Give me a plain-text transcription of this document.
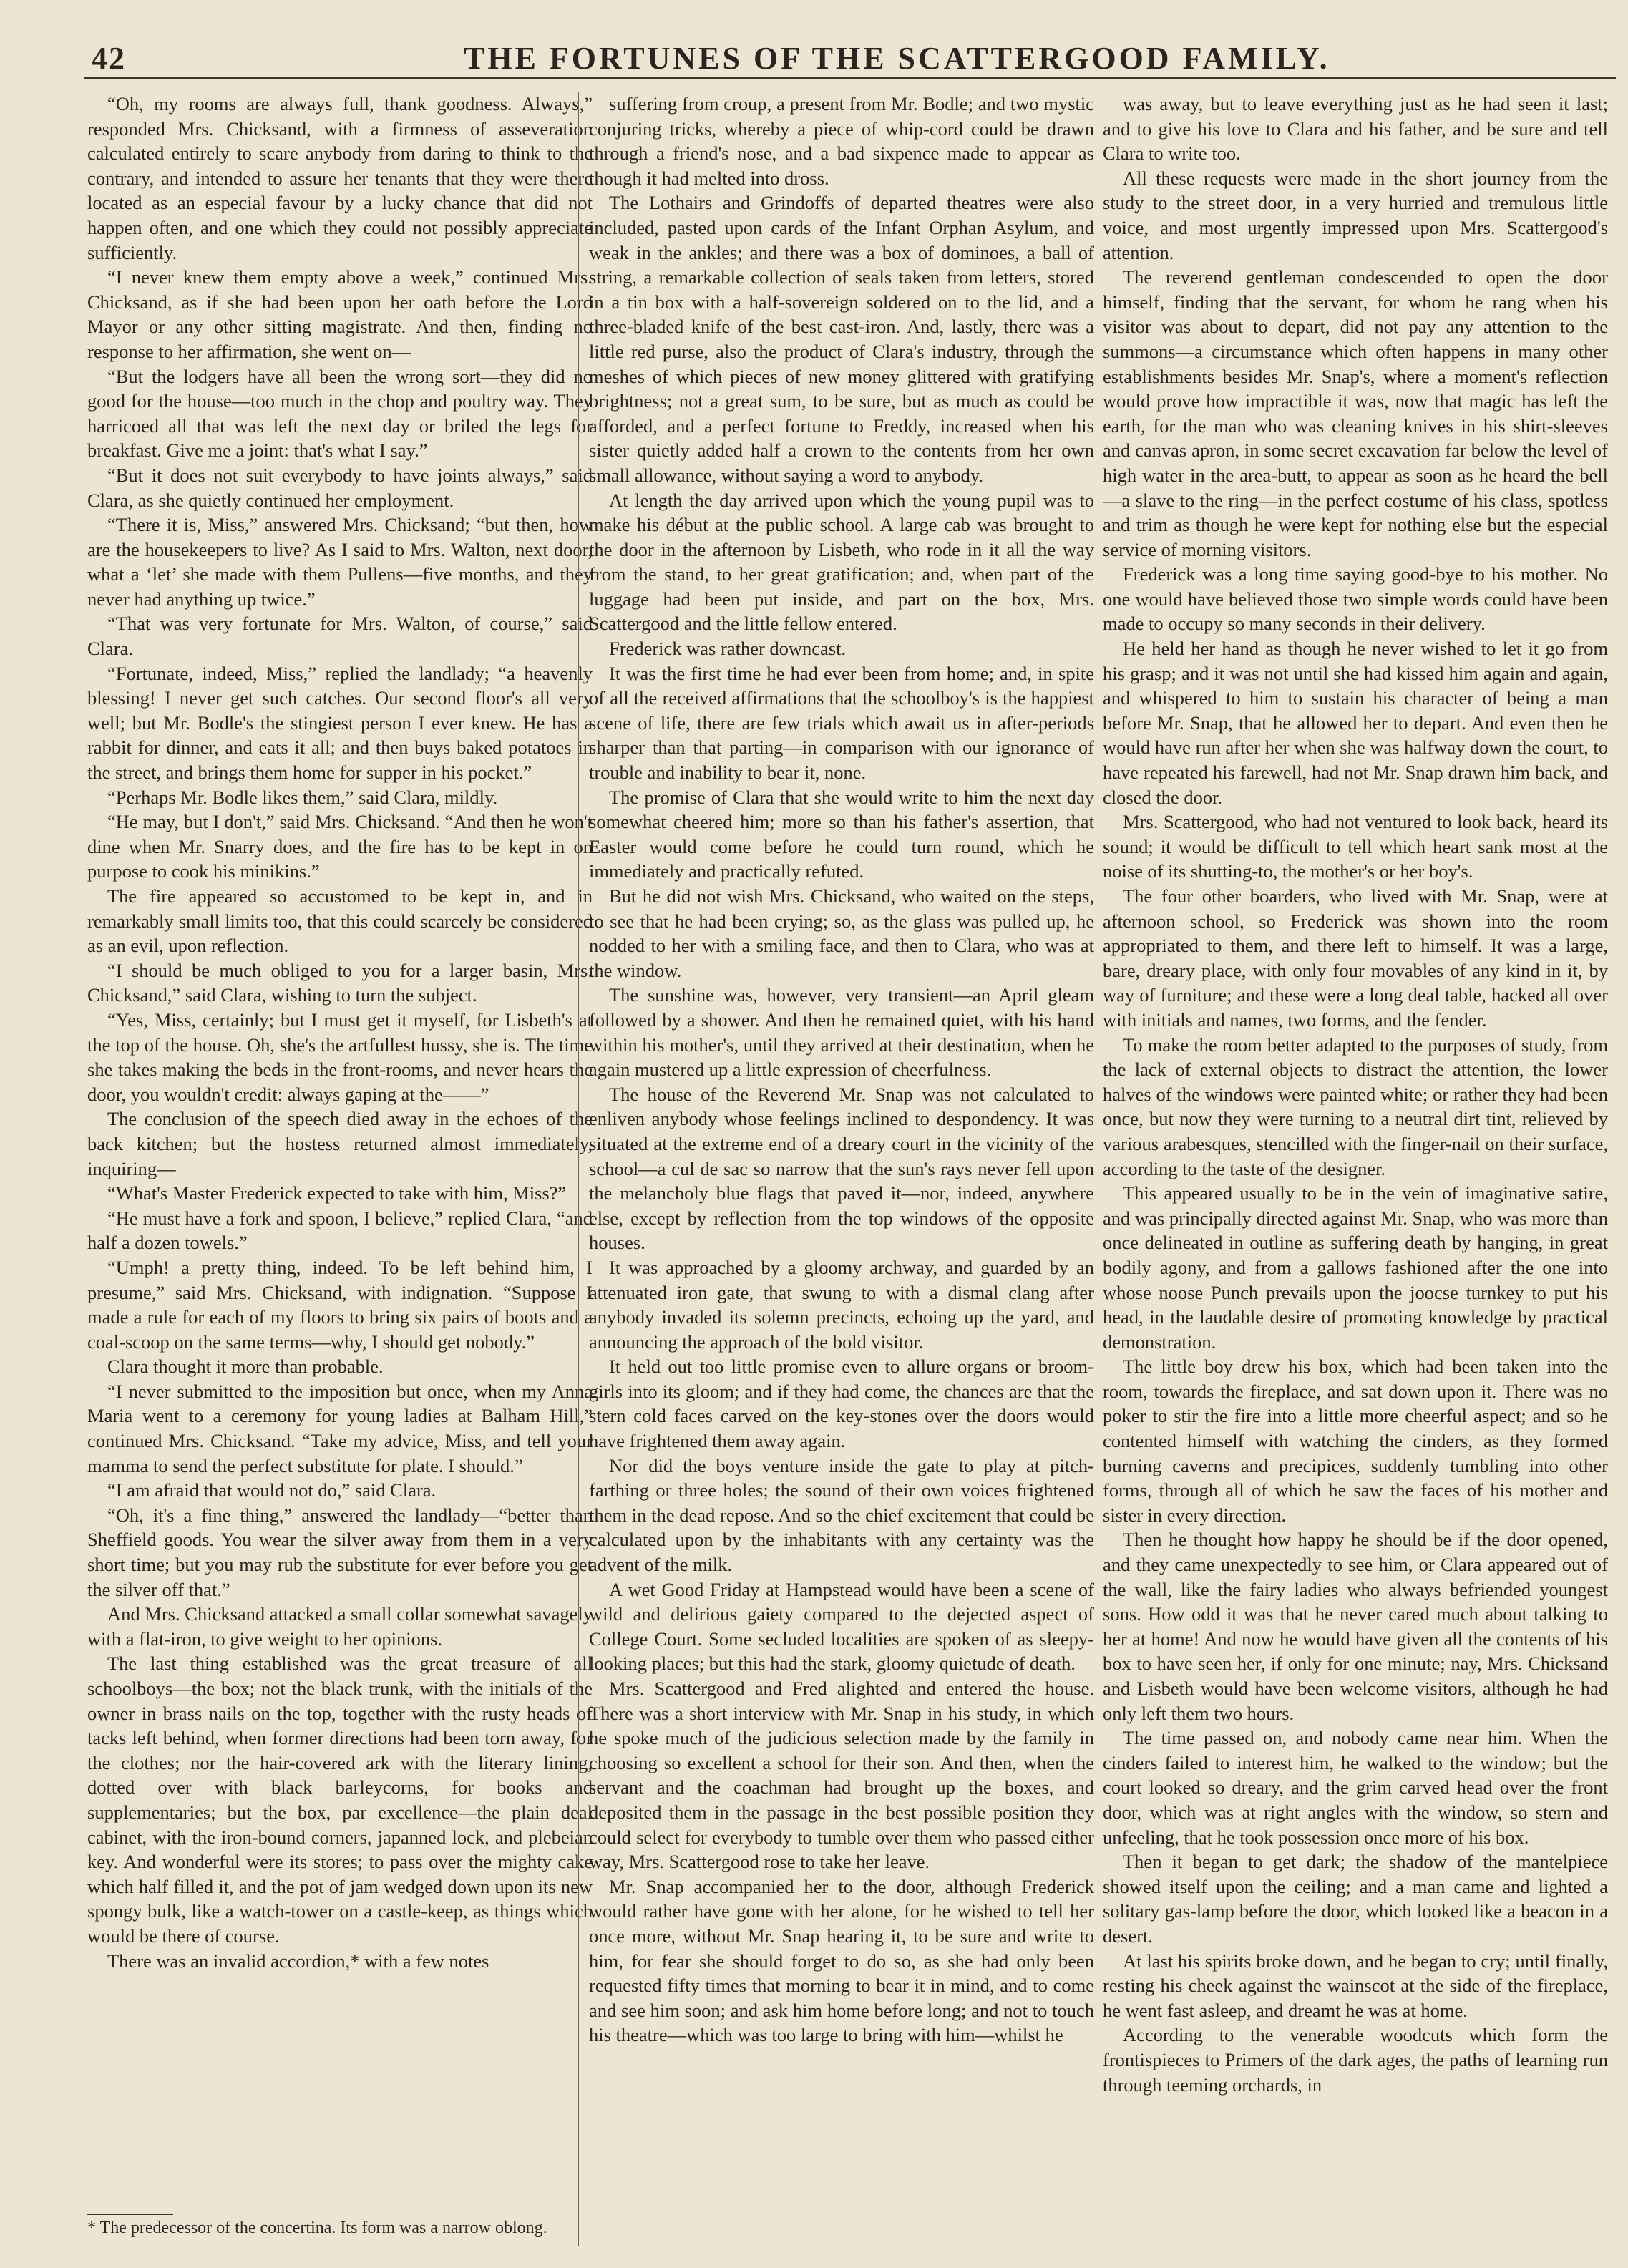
42	THE FORTUNES OF THE SCATTERGOOD FAMILY.

“Oh, my rooms are always full, thank goodness. Always,” responded Mrs. Chicksand, with a firmness of asseveration calculated entirely to scare anybody from daring to think to the contrary, and intended to assure her tenants that they were there located as an especial favour by a lucky chance that did not happen often, and one which they could not possibly appreciate sufficiently.

“I never knew them empty above a week,” continued Mrs. Chicksand, as if she had been upon her oath before the Lord Mayor or any other sitting magistrate. And then, finding no response to her affirmation, she went on—

“But the lodgers have all been the wrong sort—they did no good for the house—too much in the chop and poultry way. They harricoed all that was left the next day or briled the legs for breakfast. Give me a joint: that's what I say.”

“But it does not suit everybody to have joints always,” said Clara, as she quietly continued her employment.

“There it is, Miss,” answered Mrs. Chicksand; “but then, how are the housekeepers to live? As I said to Mrs. Walton, next door, what a ‘let’ she made with them Pullens—five months, and they never had anything up twice.”

“That was very fortunate for Mrs. Walton, of course,” said Clara.

“Fortunate, indeed, Miss,” replied the landlady; “a heavenly blessing! I never get such catches. Our second floor's all very well; but Mr. Bodle's the stingiest person I ever knew. He has a rabbit for dinner, and eats it all; and then buys baked potatoes in the street, and brings them home for supper in his pocket.”

“Perhaps Mr. Bodle likes them,” said Clara, mildly.

“He may, but I don't,” said Mrs. Chicksand. “And then he won't dine when Mr. Snarry does, and the fire has to be kept in on purpose to cook his minikins.”

The fire appeared so accustomed to be kept in, and in remarkably small limits too, that this could scarcely be considered as an evil, upon reflection.

“I should be much obliged to you for a larger basin, Mrs. Chicksand,” said Clara, wishing to turn the subject.

“Yes, Miss, certainly; but I must get it myself, for Lisbeth's at the top of the house. Oh, she's the artfullest hussy, she is. The time she takes making the beds in the front-rooms, and never hears the door, you wouldn't credit: always gaping at the——”

The conclusion of the speech died away in the echoes of the back kitchen; but the hostess returned almost immediately, inquiring—

“What's Master Frederick expected to take with him, Miss?”

“He must have a fork and spoon, I believe,” replied Clara, “and half a dozen towels.”

“Umph! a pretty thing, indeed. To be left behind him, I presume,” said Mrs. Chicksand, with indignation. “Suppose I made a rule for each of my floors to bring six pairs of boots and a coal-scoop on the same terms—why, I should get nobody.”

Clara thought it more than probable.

“I never submitted to the imposition but once, when my Anna Maria went to a ceremony for young ladies at Balham Hill,” continued Mrs. Chicksand. “Take my advice, Miss, and tell your mamma to send the perfect substitute for plate. I should.”

“I am afraid that would not do,” said Clara.

“Oh, it's a fine thing,” answered the landlady—“better than Sheffield goods. You wear the silver away from them in a very short time; but you may rub the substitute for ever before you get the silver off that.”

And Mrs. Chicksand attacked a small collar somewhat savagely with a flat-iron, to give weight to her opinions.

The last thing established was the great treasure of all schoolboys—the box; not the black trunk, with the initials of the owner in brass nails on the top, together with the rusty heads of tacks left behind, when former directions had been torn away, for the clothes; nor the hair-covered ark with the literary lining, dotted over with black barleycorns, for books and supplementaries; but the box, par excellence—the plain deal cabinet, with the iron-bound corners, japanned lock, and plebeian key. And wonderful were its stores; to pass over the mighty cake which half filled it, and the pot of jam wedged down upon its new spongy bulk, like a watch-tower on a castle-keep, as things which would be there of course.

There was an invalid accordion,* with a few notes

suffering from croup, a present from Mr. Bodle; and two mystic conjuring tricks, whereby a piece of whip-cord could be drawn through a friend's nose, and a bad sixpence made to appear as though it had melted into dross.

The Lothairs and Grindoffs of departed theatres were also included, pasted upon cards of the Infant Orphan Asylum, and weak in the ankles; and there was a box of dominoes, a ball of string, a remarkable collection of seals taken from letters, stored in a tin box with a half-sovereign soldered on to the lid, and a three-bladed knife of the best cast-iron. And, lastly, there was a little red purse, also the product of Clara's industry, through the meshes of which pieces of new money glittered with gratifying brightness; not a great sum, to be sure, but as much as could be afforded, and a perfect fortune to Freddy, increased when his sister quietly added half a crown to the contents from her own small allowance, without saying a word to anybody.

At length the day arrived upon which the young pupil was to make his début at the public school. A large cab was brought to the door in the afternoon by Lisbeth, who rode in it all the way from the stand, to her great gratification; and, when part of the luggage had been put inside, and part on the box, Mrs. Scattergood and the little fellow entered.

Frederick was rather downcast.

It was the first time he had ever been from home; and, in spite of all the received affirmations that the schoolboy's is the happiest scene of life, there are few trials which await us in after-periods sharper than that parting—in comparison with our ignorance of trouble and inability to bear it, none.

The promise of Clara that she would write to him the next day somewhat cheered him; more so than his father's assertion, that Easter would come before he could turn round, which he immediately and practically refuted.

But he did not wish Mrs. Chicksand, who waited on the steps, to see that he had been crying; so, as the glass was pulled up, he nodded to her with a smiling face, and then to Clara, who was at the window.

The sunshine was, however, very transient—an April gleam followed by a shower. And then he remained quiet, with his hand within his mother's, until they arrived at their destination, when he again mustered up a little expression of cheerfulness.

The house of the Reverend Mr. Snap was not calculated to enliven anybody whose feelings inclined to despondency. It was situated at the extreme end of a dreary court in the vicinity of the school—a cul de sac so narrow that the sun's rays never fell upon the melancholy blue flags that paved it—nor, indeed, anywhere else, except by reflection from the top windows of the opposite houses.

It was approached by a gloomy archway, and guarded by an attenuated iron gate, that swung to with a dismal clang after anybody invaded its solemn precincts, echoing up the yard, and announcing the approach of the bold visitor.

It held out too little promise even to allure organs or broom-girls into its gloom; and if they had come, the chances are that the stern cold faces carved on the key-stones over the doors would have frightened them away again.

Nor did the boys venture inside the gate to play at pitch-farthing or three holes; the sound of their own voices frightened them in the dead repose. And so the chief excitement that could be calculated upon by the inhabitants with any certainty was the advent of the milk.

A wet Good Friday at Hampstead would have been a scene of wild and delirious gaiety compared to the dejected aspect of College Court. Some secluded localities are spoken of as sleepy-looking places; but this had the stark, gloomy quietude of death.

Mrs. Scattergood and Fred alighted and entered the house. There was a short interview with Mr. Snap in his study, in which he spoke much of the judicious selection made by the family in choosing so excellent a school for their son. And then, when the servant and the coachman had brought up the boxes, and deposited them in the passage in the best possible position they could select for everybody to tumble over them who passed either way, Mrs. Scattergood rose to take her leave.

Mr. Snap accompanied her to the door, although Frederick would rather have gone with her alone, for he wished to tell her once more, without Mr. Snap hearing it, to be sure and write to him, for fear she should forget to do so, as she had only been requested fifty times that morning to bear it in mind, and to come and see him soon; and ask him home before long; and not to touch his theatre—which was too large to bring with him—whilst he

was away, but to leave everything just as he had seen it last; and to give his love to Clara and his father, and be sure and tell Clara to write too.

All these requests were made in the short journey from the study to the street door, in a very hurried and tremulous little voice, and most urgently impressed upon Mrs. Scattergood's attention.

The reverend gentleman condescended to open the door himself, finding that the servant, for whom he rang when his visitor was about to depart, did not pay any attention to the summons—a circumstance which often happens in many other establishments besides Mr. Snap's, where a moment's reflection would prove how impractible it was, now that magic has left the earth, for the man who was cleaning knives in his shirt-sleeves and canvas apron, in some secret excavation far below the level of high water in the area-butt, to appear as soon as he heard the bell—a slave to the ring—in the perfect costume of his class, spotless and trim as though he were kept for nothing else but the especial service of morning visitors.

Frederick was a long time saying good-bye to his mother. No one would have believed those two simple words could have been made to occupy so many seconds in their delivery.

He held her hand as though he never wished to let it go from his grasp; and it was not until she had kissed him again and again, and whispered to him to sustain his character of being a man before Mr. Snap, that he allowed her to depart. And even then he would have run after her when she was halfway down the court, to have repeated his farewell, had not Mr. Snap drawn him back, and closed the door.

Mrs. Scattergood, who had not ventured to look back, heard its sound; it would be difficult to tell which heart sank most at the noise of its shutting-to, the mother's or her boy's.

The four other boarders, who lived with Mr. Snap, were at afternoon school, so Frederick was shown into the room appropriated to them, and there left to himself. It was a large, bare, dreary place, with only four movables of any kind in it, by way of furniture; and these were a long deal table, hacked all over with initials and names, two forms, and the fender.

To make the room better adapted to the purposes of study, from the lack of external objects to distract the attention, the lower halves of the windows were painted white; or rather they had been once, but now they were turning to a neutral dirt tint, relieved by various arabesques, stencilled with the finger-nail on their surface, according to the taste of the designer.

This appeared usually to be in the vein of imaginative satire, and was principally directed against Mr. Snap, who was more than once delineated in outline as suffering death by hanging, in great bodily agony, and from a gallows fashioned after the one into whose noose Punch prevails upon the joocse turnkey to put his head, in the laudable desire of promoting knowledge by practical demonstration.

The little boy drew his box, which had been taken into the room, towards the fireplace, and sat down upon it. There was no poker to stir the fire into a little more cheerful aspect; and so he contented himself with watching the cinders, as they formed burning caverns and precipices, suddenly tumbling into other forms, through all of which he saw the faces of his mother and sister in every direction.

Then he thought how happy he should be if the door opened, and they came unexpectedly to see him, or Clara appeared out of the wall, like the fairy ladies who always befriended youngest sons. How odd it was that he never cared much about talking to her at home! And now he would have given all the contents of his box to have seen her, if only for one minute; nay, Mrs. Chicksand and Lisbeth would have been welcome visitors, although he had only left them two hours.

The time passed on, and nobody came near him. When the cinders failed to interest him, he walked to the window; but the court looked so dreary, and the grim carved head over the front door, which was at right angles with the window, so stern and unfeeling, that he took possession once more of his box.

Then it began to get dark; the shadow of the mantelpiece showed itself upon the ceiling; and a man came and lighted a solitary gas-lamp before the door, which looked like a beacon in a desert.

At last his spirits broke down, and he began to cry; until finally, resting his cheek against the wainscot at the side of the fireplace, he went fast asleep, and dreamt he was at home.

According to the venerable woodcuts which form the frontispieces to Primers of the dark ages, the paths of learning run through teeming orchards, in

* The predecessor of the concertina. Its form was a narrow oblong.
